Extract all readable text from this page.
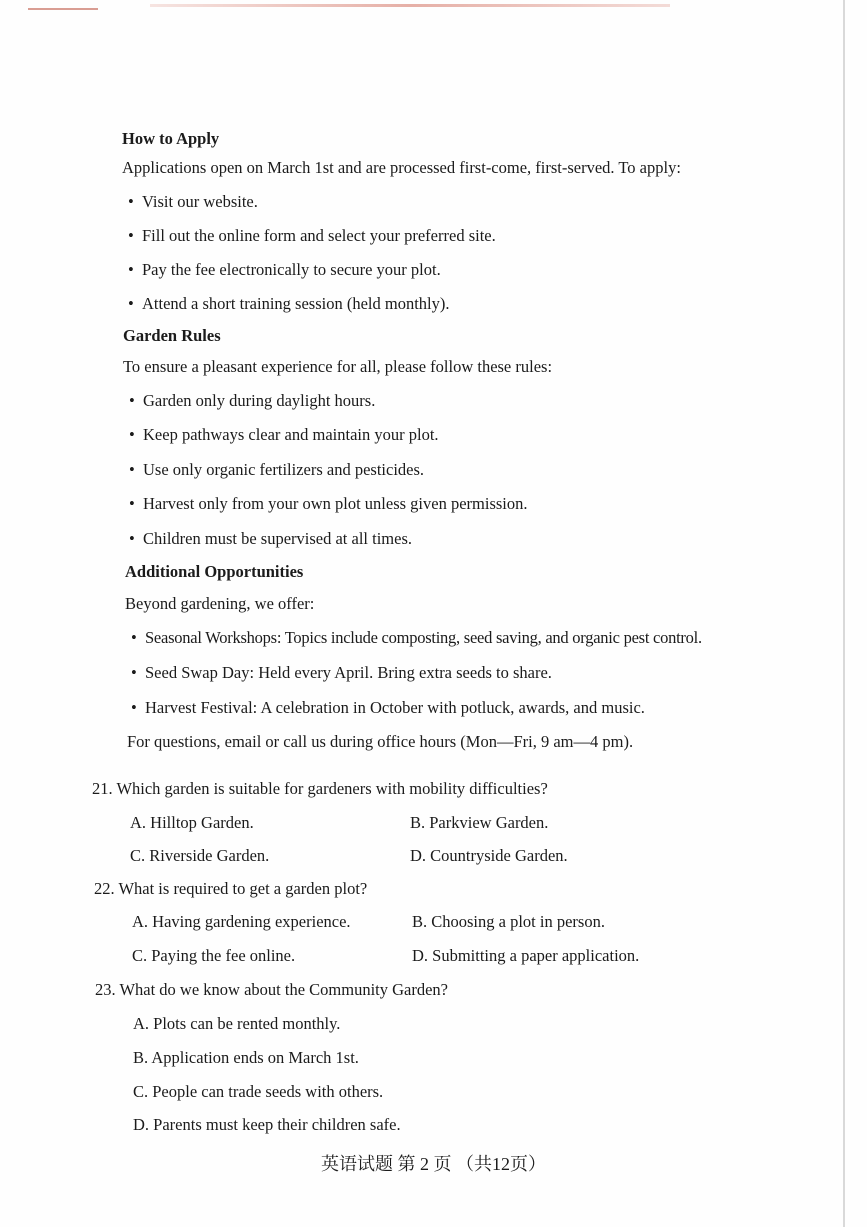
How to Apply
Applications open on March 1st and are processed first-come, first-served. To apply:
• Visit our website.
• Fill out the online form and select your preferred site.
• Pay the fee electronically to secure your plot.
• Attend a short training session (held monthly).
Garden Rules
To ensure a pleasant experience for all, please follow these rules:
• Garden only during daylight hours.
• Keep pathways clear and maintain your plot.
• Use only organic fertilizers and pesticides.
• Harvest only from your own plot unless given permission.
• Children must be supervised at all times.
Additional Opportunities
Beyond gardening, we offer:
• Seasonal Workshops: Topics include composting, seed saving, and organic pest control.
• Seed Swap Day: Held every April. Bring extra seeds to share.
• Harvest Festival: A celebration in October with potluck, awards, and music.
For questions, email or call us during office hours (Mon—Fri, 9 am—4 pm).
21. Which garden is suitable for gardeners with mobility difficulties?
A. Hilltop Garden.	B. Parkview Garden.
C. Riverside Garden.	D. Countryside Garden.
22. What is required to get a garden plot?
A. Having gardening experience.	B. Choosing a plot in person.
C. Paying the fee online.	D. Submitting a paper application.
23. What do we know about the Community Garden?
A. Plots can be rented monthly.
B. Application ends on March 1st.
C. People can trade seeds with others.
D. Parents must keep their children safe.
英语试题 第 2 页 （共12页）
